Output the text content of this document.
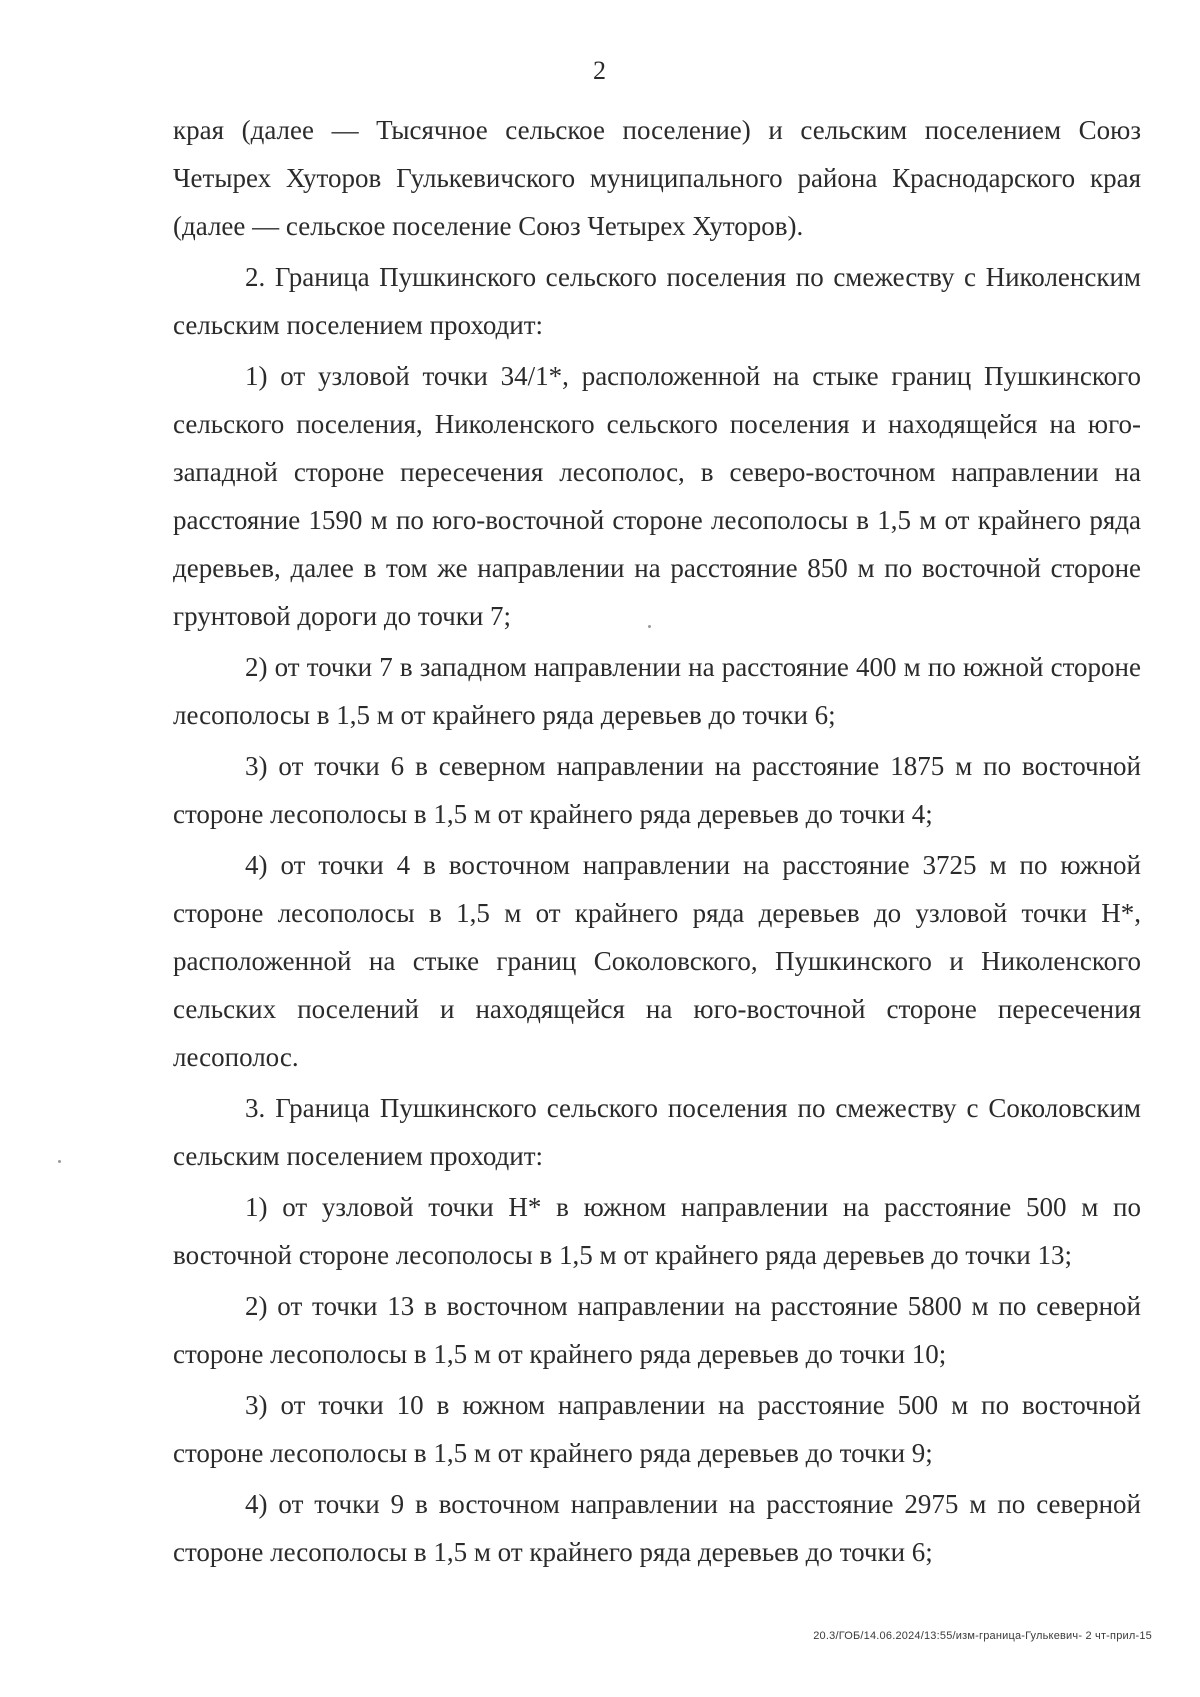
2

края (далее — Тысячное сельское поселение) и сельским поселением Союз Четырех Хуторов Гулькевичского муниципального района Краснодарского края (далее — сельское поселение Союз Четырех Хуторов).

2. Граница Пушкинского сельского поселения по смежеству с Николенским сельским поселением проходит:

1) от узловой точки 34/1*, расположенной на стыке границ Пушкинского сельского поселения, Николенского сельского поселения и находящейся на юго-западной стороне пересечения лесополос, в северо-восточном направлении на расстояние 1590 м по юго-восточной стороне лесополосы в 1,5 м от крайнего ряда деревьев, далее в том же направлении на расстояние 850 м по восточной стороне грунтовой дороги до точки 7;

2) от точки 7 в западном направлении на расстояние 400 м по южной стороне лесополосы в 1,5 м от крайнего ряда деревьев до точки 6;

3) от точки 6 в северном направлении на расстояние 1875 м по восточной стороне лесополосы в 1,5 м от крайнего ряда деревьев до точки 4;

4) от точки 4 в восточном направлении на расстояние 3725 м по южной стороне лесополосы в 1,5 м от крайнего ряда деревьев до узловой точки Н*, расположенной на стыке границ Соколовского, Пушкинского и Николенского сельских поселений и находящейся на юго-восточной стороне пересечения лесополос.

3. Граница Пушкинского сельского поселения по смежеству с Соколовским сельским поселением проходит:

1) от узловой точки Н* в южном направлении на расстояние 500 м по восточной стороне лесополосы в 1,5 м от крайнего ряда деревьев до точки 13;

2) от точки 13 в восточном направлении на расстояние 5800 м по северной стороне лесополосы в 1,5 м от крайнего ряда деревьев до точки 10;

3) от точки 10 в южном направлении на расстояние 500 м по восточной стороне лесополосы в 1,5 м от крайнего ряда деревьев до точки 9;

4) от точки 9 в восточном направлении на расстояние 2975 м по северной стороне лесополосы в 1,5 м от крайнего ряда деревьев до точки 6;

20.3/ГОБ/14.06.2024/13:55/изм-граница-Гулькевич- 2 чт-прил-15
